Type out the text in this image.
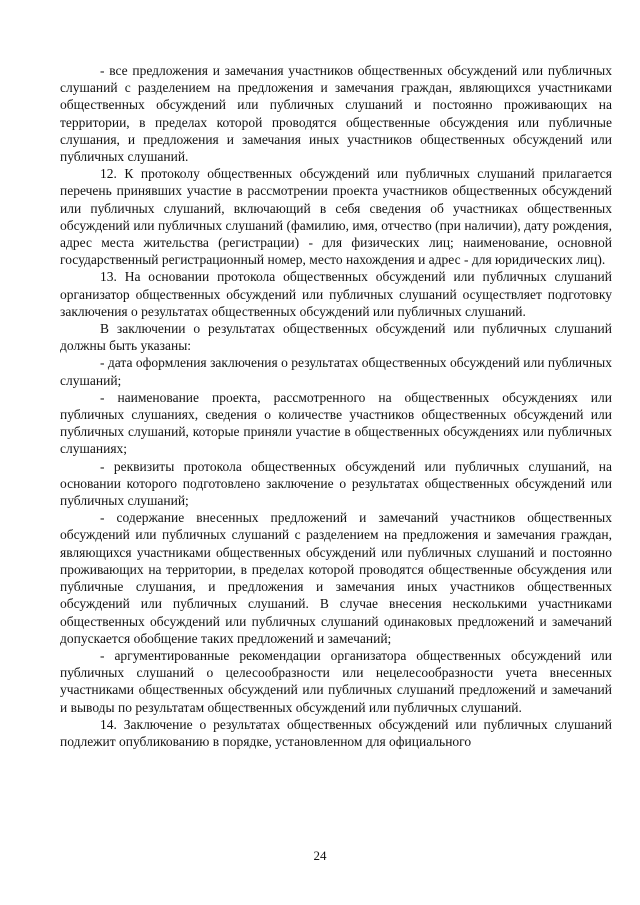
- все предложения и замечания участников общественных обсуждений или публичных слушаний с разделением на предложения и замечания граждан, являющихся участниками общественных обсуждений или публичных слушаний и постоянно проживающих на территории, в пределах которой проводятся общественные обсуждения или публичные слушания, и предложения и замечания иных участников общественных обсуждений или публичных слушаний.

12. К протоколу общественных обсуждений или публичных слушаний прилагается перечень принявших участие в рассмотрении проекта участников общественных обсуждений или публичных слушаний, включающий в себя сведения об участниках общественных обсуждений или публичных слушаний (фамилию, имя, отчество (при наличии), дату рождения, адрес места жительства (регистрации) - для физических лиц; наименование, основной государственный регистрационный номер, место нахождения и адрес - для юридических лиц).

13. На основании протокола общественных обсуждений или публичных слушаний организатор общественных обсуждений или публичных слушаний осуществляет подготовку заключения о результатах общественных обсуждений или публичных слушаний.

В заключении о результатах общественных обсуждений или публичных слушаний должны быть указаны:

- дата оформления заключения о результатах общественных обсуждений или публичных слушаний;

- наименование проекта, рассмотренного на общественных обсуждениях или публичных слушаниях, сведения о количестве участников общественных обсуждений или публичных слушаний, которые приняли участие в общественных обсуждениях или публичных слушаниях;

- реквизиты протокола общественных обсуждений или публичных слушаний, на основании которого подготовлено заключение о результатах общественных обсуждений или публичных слушаний;

- содержание внесенных предложений и замечаний участников общественных обсуждений или публичных слушаний с разделением на предложения и замечания граждан, являющихся участниками общественных обсуждений или публичных слушаний и постоянно проживающих на территории, в пределах которой проводятся общественные обсуждения или публичные слушания, и предложения и замечания иных участников общественных обсуждений или публичных слушаний. В случае внесения несколькими участниками общественных обсуждений или публичных слушаний одинаковых предложений и замечаний допускается обобщение таких предложений и замечаний;

- аргументированные рекомендации организатора общественных обсуждений или публичных слушаний о целесообразности или нецелесообразности учета внесенных участниками общественных обсуждений или публичных слушаний предложений и замечаний и выводы по результатам общественных обсуждений или публичных слушаний.

14. Заключение о результатах общественных обсуждений или публичных слушаний подлежит опубликованию в порядке, установленном для официального

24
